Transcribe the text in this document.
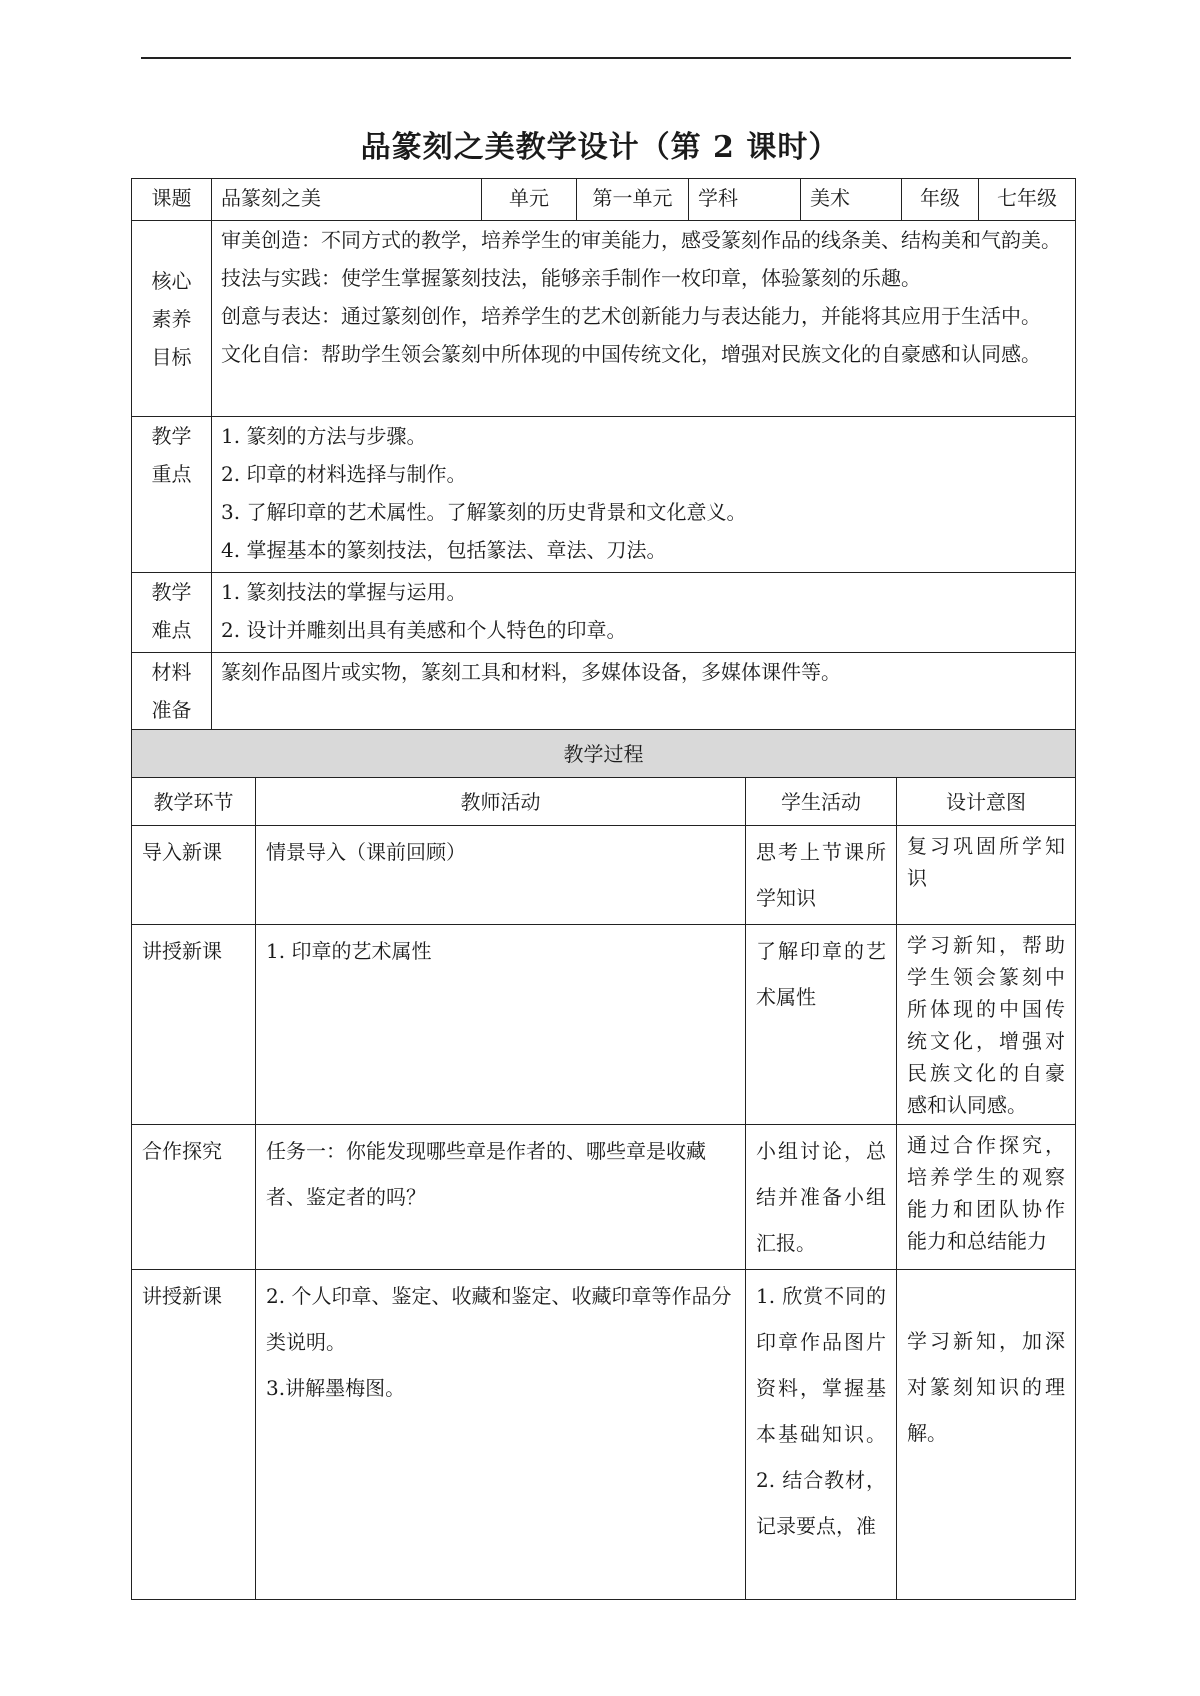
品篆刻之美教学设计（第 2 课时）
课题	品篆刻之美	单元	第一单元	学科	美术	年级	七年级

核心
素养
目标	审美创造：不同方式的教学，培养学生的审美能力，感受篆刻作品的线条美、结构美和气韵美。
技法与实践：使学生掌握篆刻技法，能够亲手制作一枚印章，体验篆刻的乐趣。
创意与表达：通过篆刻创作，培养学生的艺术创新能力与表达能力，并能将其应用于生活中。
文化自信：帮助学生领会篆刻中所体现的中国传统文化，增强对民族文化的自豪感和认同感。						

教学
重点	1. 篆刻的方法与步骤。
2. 印章的材料选择与制作。
3. 了解印章的艺术属性。了解篆刻的历史背景和文化意义。
4. 掌握基本的篆刻技法，包括篆法、章法、刀法。						

教学
难点	1. 篆刻技法的掌握与运用。
2. 设计并雕刻出具有美感和个人特色的印章。						

材料
准备	篆刻作品图片或实物，篆刻工具和材料，多媒体设备，多媒体课件等。						
教学过程			
教学环节	教师活动	学生活动	设计意图
导入新课	情景导入（课前回顾）	思考上节课所学知识	复习巩固所学知识
讲授新课	1. 印章的艺术属性	了解印章的艺术属性	学习新知，帮助学生领会篆刻中所体现的中国传统文化，增强对民族文化的自豪感和认同感。
合作探究	任务一：你能发现哪些章是作者的、哪些章是收藏者、鉴定者的吗？	小组讨论，总结并准备小组汇报。	通过合作探究，培养学生的观察能力和团队协作能力和总结能力
讲授新课	2. 个人印章、鉴定、收藏和鉴定、收藏印章等作品分类说明。
3.讲解墨梅图。	1. 欣赏不同的印章作品图片资料，掌握基本基础知识。 2. 结合教材，记录要点，准	学习新知，加深对篆刻知识的理解。
